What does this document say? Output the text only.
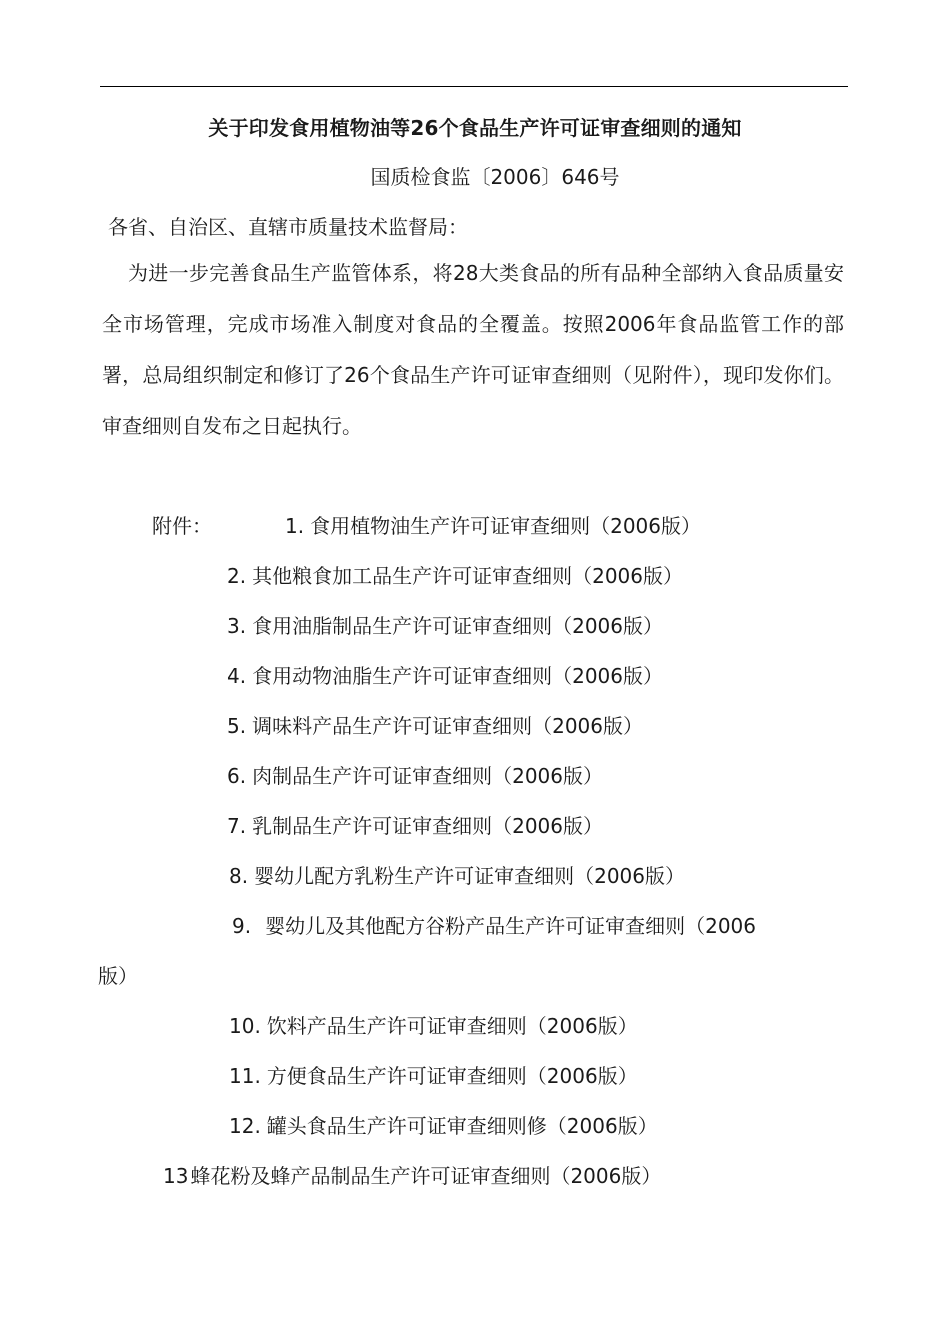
关于印发食用植物油等26个食品生产许可证审查细则的通知
国质检食监〔2006〕646号
各省、自治区、直辖市质量技术监督局：
为进一步完善食品生产监管体系，将28大类食品的所有品种全部纳入食品质量安全市场管理，完成市场准入制度对食品的全覆盖。按照2006年食品监管工作的部署，总局组织制定和修订了26个食品生产许可证审查细则（见附件），现印发你们。审查细则自发布之日起执行。
附件：	1. 食用植物油生产许可证审查细则（2006版）
2. 其他粮食加工品生产许可证审查细则（2006版）
3. 食用油脂制品生产许可证审查细则（2006版）
4. 食用动物油脂生产许可证审查细则（2006版）
5. 调味料产品生产许可证审查细则（2006版）
6. 肉制品生产许可证审查细则（2006版）
7. 乳制品生产许可证审查细则（2006版）
8. 婴幼儿配方乳粉生产许可证审查细则（2006版）
9. 婴幼儿及其他配方谷粉产品生产许可证审查细则（2006
版）
10. 饮料产品生产许可证审查细则（2006版）
11. 方便食品生产许可证审查细则（2006版）
12. 罐头食品生产许可证审查细则修（2006版）
13 蜂花粉及蜂产品制品生产许可证审查细则（2006版）
